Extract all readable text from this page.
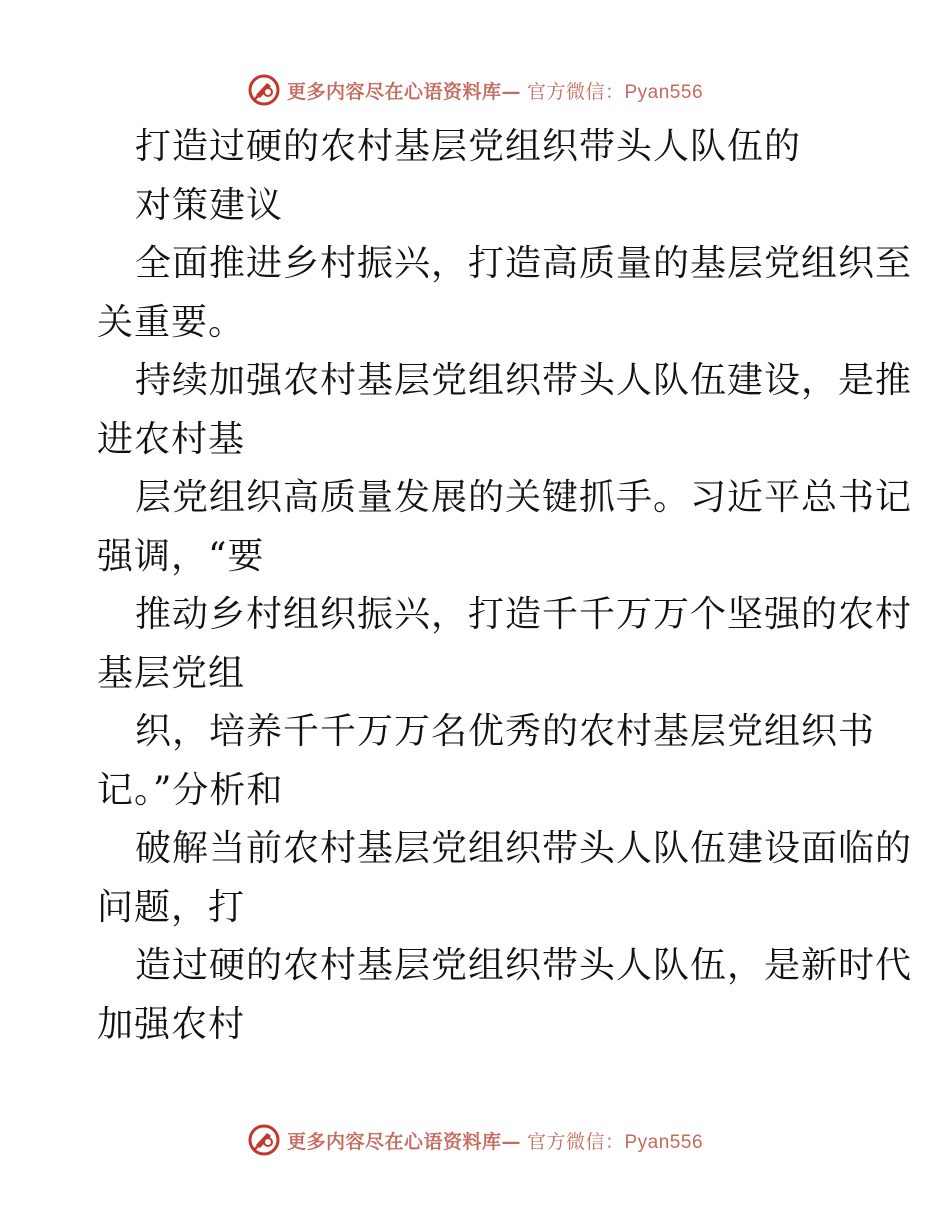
更多内容尽在心语资料库— 官方微信：Pyan556
打造过硬的农村基层党组织带头人队伍的
对策建议
全面推进乡村振兴，打造高质量的基层党组织至
关重要。
持续加强农村基层党组织带头人队伍建设，是推
进农村基
层党组织高质量发展的关键抓手。习近平总书记
强调，“要
推动乡村组织振兴，打造千千万万个坚强的农村
基层党组
织，培养千千万万名优秀的农村基层党组织书
记。”分析和
破解当前农村基层党组织带头人队伍建设面临的
问题，打
造过硬的农村基层党组织带头人队伍，是新时代
加强农村
更多内容尽在心语资料库— 官方微信：Pyan556
